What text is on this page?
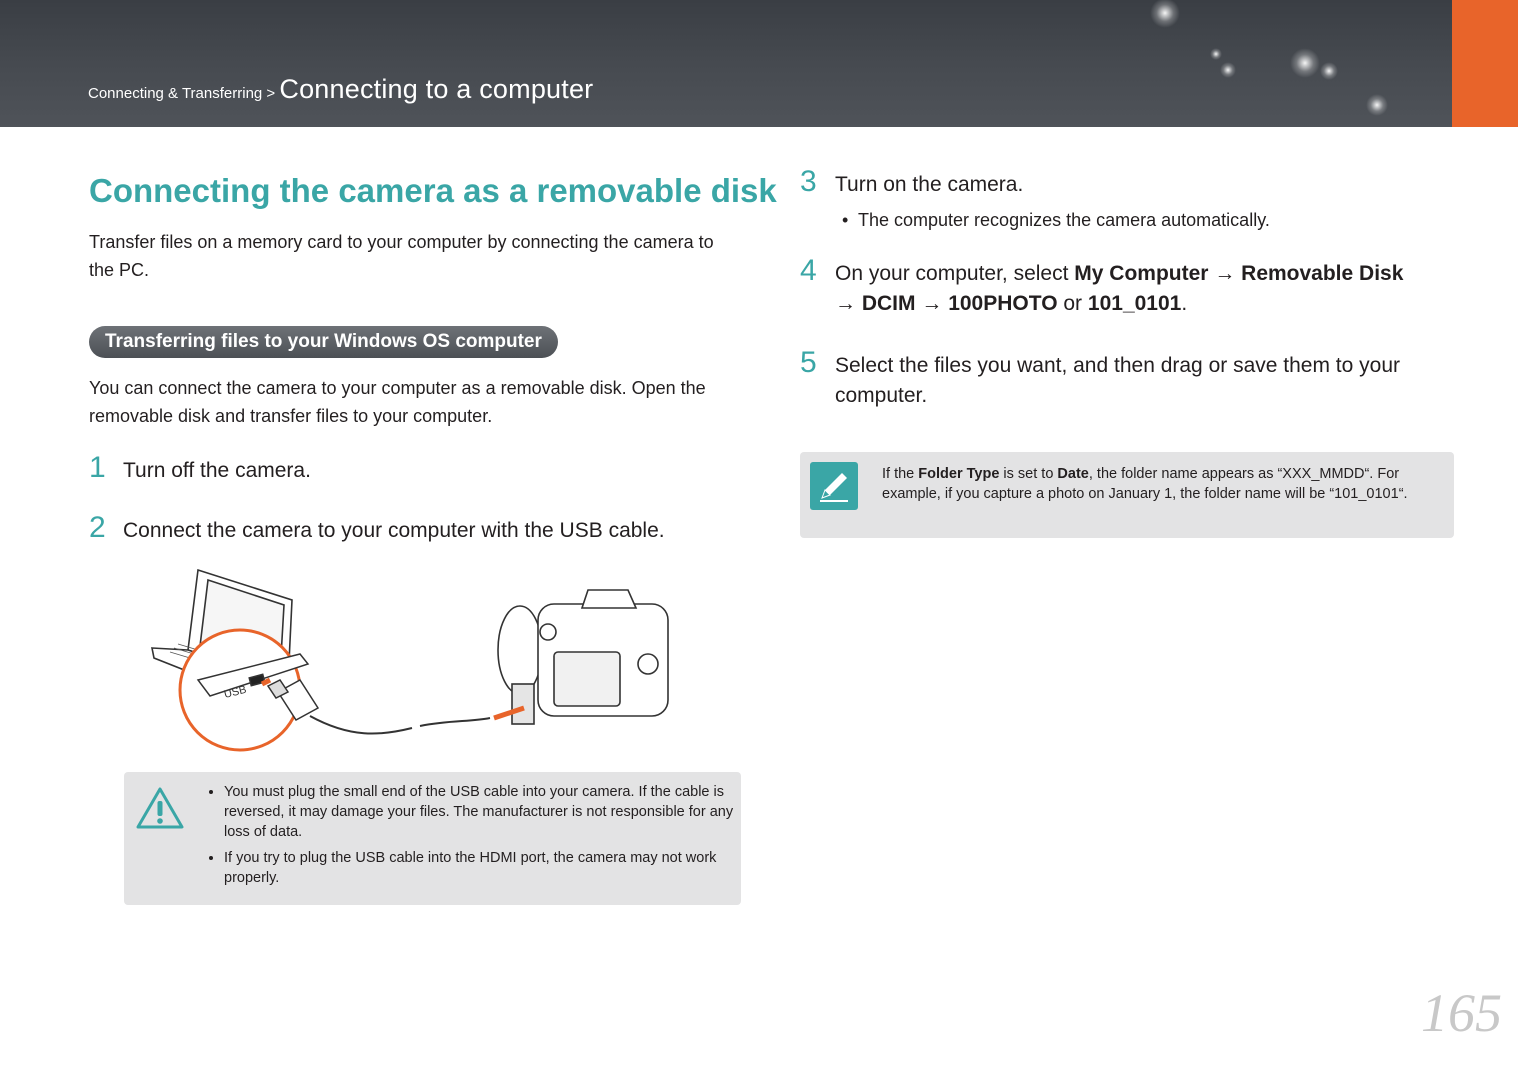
Connecting & Transferring > Connecting to a computer
Connecting the camera as a removable disk

Transfer files on a memory card to your computer by connecting the camera to the PC.

Transferring files to your Windows OS computer

You can connect the camera to your computer as a removable disk. Open the removable disk and transfer files to your computer.

1 Turn off the camera.
2 Connect the camera to your computer with the USB cable.
USB
• You must plug the small end of the USB cable into your camera. If the cable is reversed, it may damage your files. The manufacturer is not responsible for any loss of data.
• If you try to plug the USB cable into the HDMI port, the camera may not work properly.
3 Turn on the camera.
• The computer recognizes the camera automatically.
4 On your computer, select My Computer → Removable Disk
→ DCIM → 100PHOTO or 101_0101.
5 Select the files you want, and then drag or save them to your computer.
If the Folder Type is set to Date, the folder name appears as “XXX_MMDD“. For example, if you capture a photo on January 1, the folder name will be “101_0101“.
165
